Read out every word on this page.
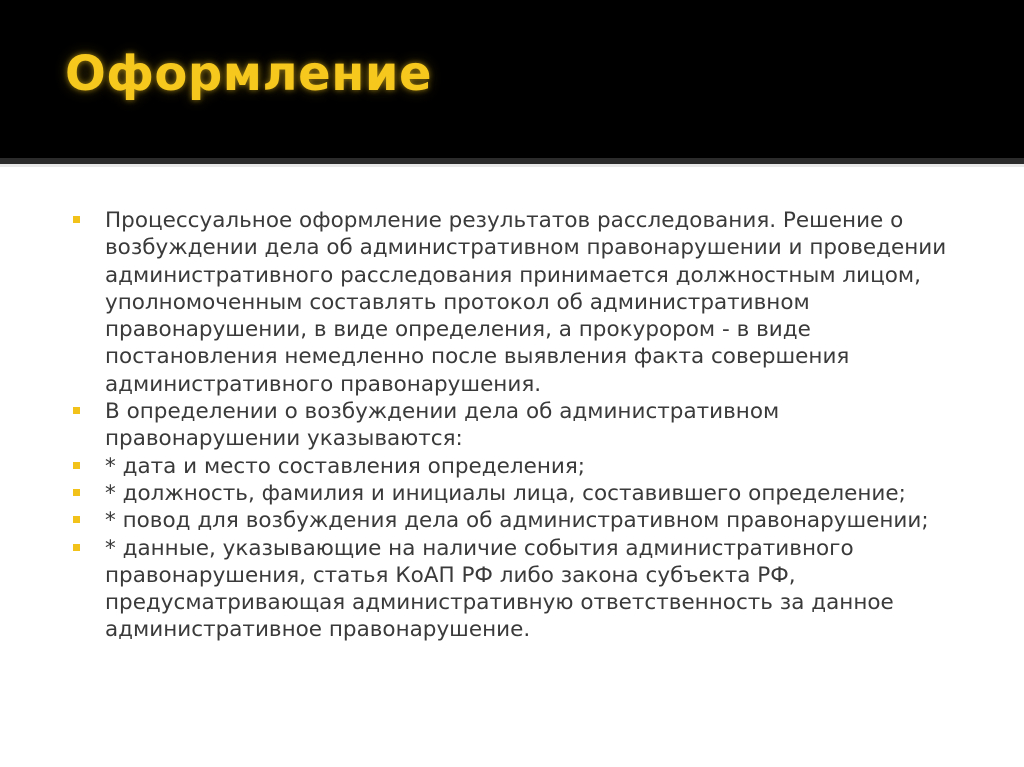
Оформление
Процессуальное оформление результатов расследования. Решение о возбуждении дела об административном правонарушении и проведении административного расследования принимается должностным лицом, уполномоченным составлять протокол об административном правонарушении, в виде определения, а прокурором - в виде постановления немедленно после выявления факта совершения административного правонарушения.
В определении о возбуждении дела об административном правонарушении указываются:
* дата и место составления определения;
* должность, фамилия и инициалы лица, составившего определение;
* повод для возбуждения дела об административном правонарушении;
* данные, указывающие на наличие события административного правонарушения, статья КоАП РФ либо закона субъекта РФ, предусматривающая административную ответственность за данное административное правонарушение.
